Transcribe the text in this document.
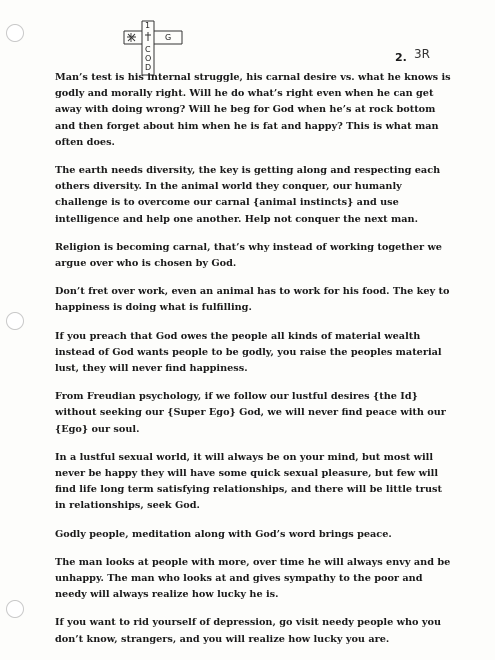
1
G
C
O
D
2. 3R

Man’s test is his internal struggle, his carnal desire vs. what he knows is godly and morally right. Will he do what’s right even when he can get away with doing wrong? Will he beg for God when he’s at rock bottom and then forget about him when he is fat and happy? This is what man often does.

The earth needs diversity, the key is getting along and respecting each others diversity. In the animal world they conquer, our humanly challenge is to overcome our carnal {animal instincts} and use intelligence and help one another. Help not conquer the next man.

Religion is becoming carnal, that’s why instead of working together we argue over who is chosen by God.

Don’t fret over work, even an animal has to work for his food. The key to happiness is doing what is fulfilling.

If you preach that God owes the people all kinds of material wealth instead of God wants people to be godly, you raise the peoples material lust, they will never find happiness.

From Freudian psychology, if we follow our lustful desires {the Id} without seeking our {Super Ego} God, we will never find peace with our {Ego} our soul.

In a lustful sexual world, it will always be on your mind, but most will never be happy they will have some quick sexual pleasure, but few will find life long term satisfying relationships, and there will be little trust in relationships, seek God.

Godly people, meditation along with God’s word brings peace.

The man looks at people with more, over time he will always envy and be unhappy. The man who looks at and gives sympathy to the poor and needy will always realize how lucky he is.

If you want to rid yourself of depression, go visit needy people who you don’t know, strangers, and you will realize how lucky you are.
